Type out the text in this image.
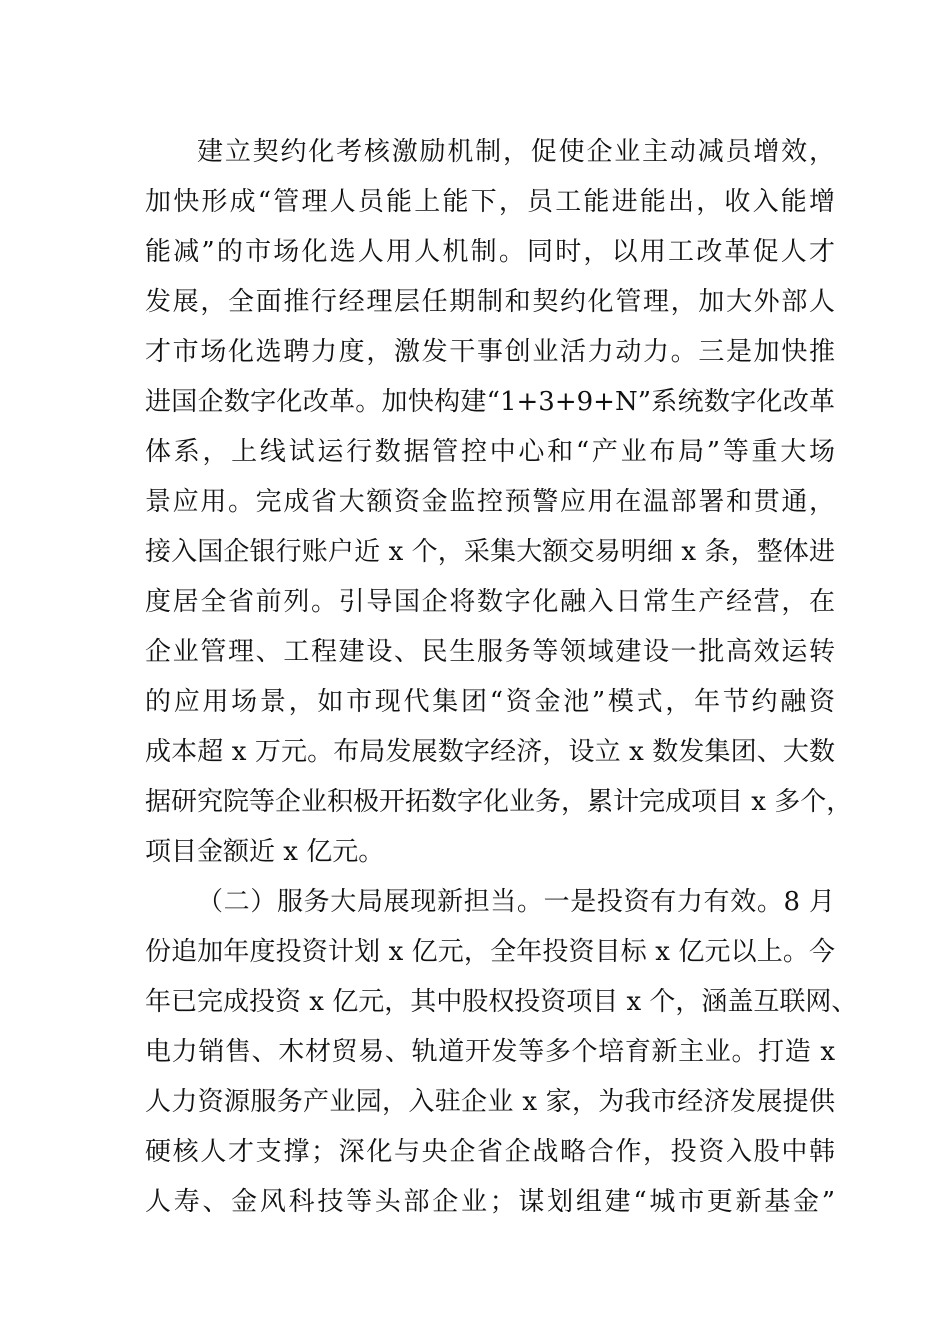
建立契约化考核激励机制，促使企业主动减员增效，
加快形成“管理人员能上能下，员工能进能出，收入能增
能减”的市场化选人用人机制。同时，以用工改革促人才
发展，全面推行经理层任期制和契约化管理，加大外部人
才市场化选聘力度，激发干事创业活力动力。三是加快推
进国企数字化改革。加快构建“1+3+9+N”系统数字化改革
体系，上线试运行数据管控中心和“产业布局”等重大场
景应用。完成省大额资金监控预警应用在温部署和贯通，
接入国企银行账户近 x 个，采集大额交易明细 x 条，整体进
度居全省前列。引导国企将数字化融入日常生产经营，在
企业管理、工程建设、民生服务等领域建设一批高效运转
的应用场景，如市现代集团“资金池”模式，年节约融资
成本超 x 万元。布局发展数字经济，设立 x 数发集团、大数
据研究院等企业积极开拓数字化业务，累计完成项目 x 多个，
项目金额近 x 亿元。
（二）服务大局展现新担当。一是投资有力有效。8 月
份追加年度投资计划 x 亿元，全年投资目标 x 亿元以上。今
年已完成投资 x 亿元，其中股权投资项目 x 个，涵盖互联网、
电力销售、木材贸易、轨道开发等多个培育新主业。打造 x
人力资源服务产业园，入驻企业 x 家，为我市经济发展提供
硬核人才支撑；深化与央企省企战略合作，投资入股中韩
人寿、金风科技等头部企业；谋划组建“城市更新基金”
